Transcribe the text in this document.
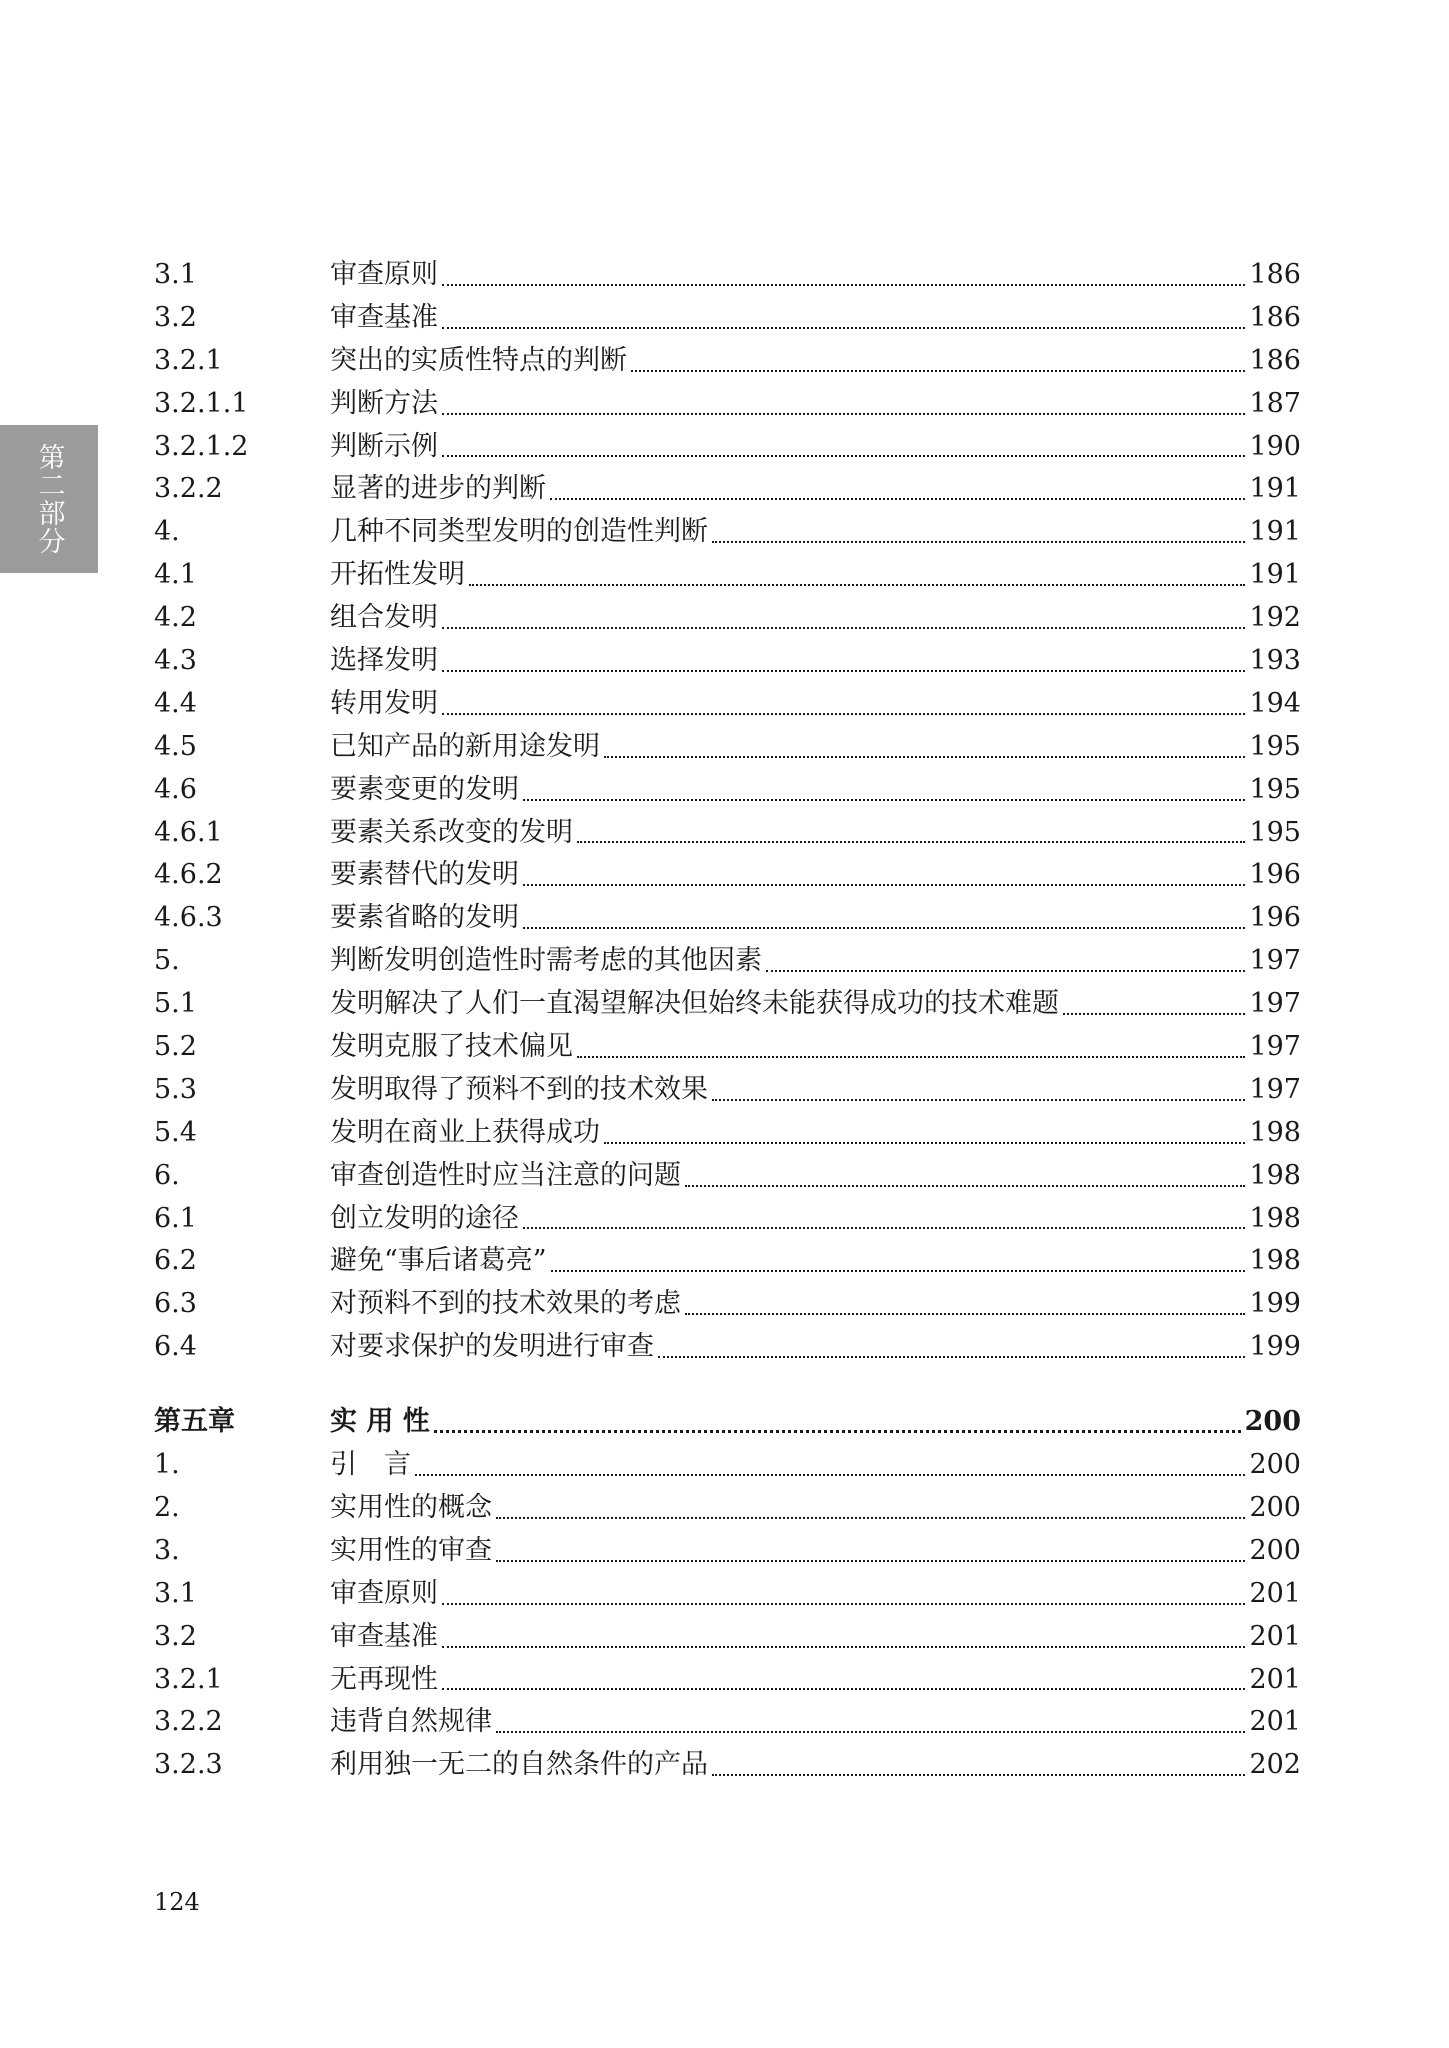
第二部分
3.1	审查原则	186
3.2	审查基准	186
3.2.1	突出的实质性特点的判断	186
3.2.1.1	判断方法	187
3.2.1.2	判断示例	190
3.2.2	显著的进步的判断	191
4.	几种不同类型发明的创造性判断	191
4.1	开拓性发明	191
4.2	组合发明	192
4.3	选择发明	193
4.4	转用发明	194
4.5	已知产品的新用途发明	195
4.6	要素变更的发明	195
4.6.1	要素关系改变的发明	195
4.6.2	要素替代的发明	196
4.6.3	要素省略的发明	196
5.	判断发明创造性时需考虑的其他因素	197
5.1	发明解决了人们一直渴望解决但始终未能获得成功的技术难题	197
5.2	发明克服了技术偏见	197
5.3	发明取得了预料不到的技术效果	197
5.4	发明在商业上获得成功	198
6.	审查创造性时应当注意的问题	198
6.1	创立发明的途径	198
6.2	避免“事后诸葛亮”	198
6.3	对预料不到的技术效果的考虑	199
6.4	对要求保护的发明进行审查	199
第五章	实 用 性	200
1.	引　言	200
2.	实用性的概念	200
3.	实用性的审查	200
3.1	审查原则	201
3.2	审查基准	201
3.2.1	无再现性	201
3.2.2	违背自然规律	201
3.2.3	利用独一无二的自然条件的产品	202
124
